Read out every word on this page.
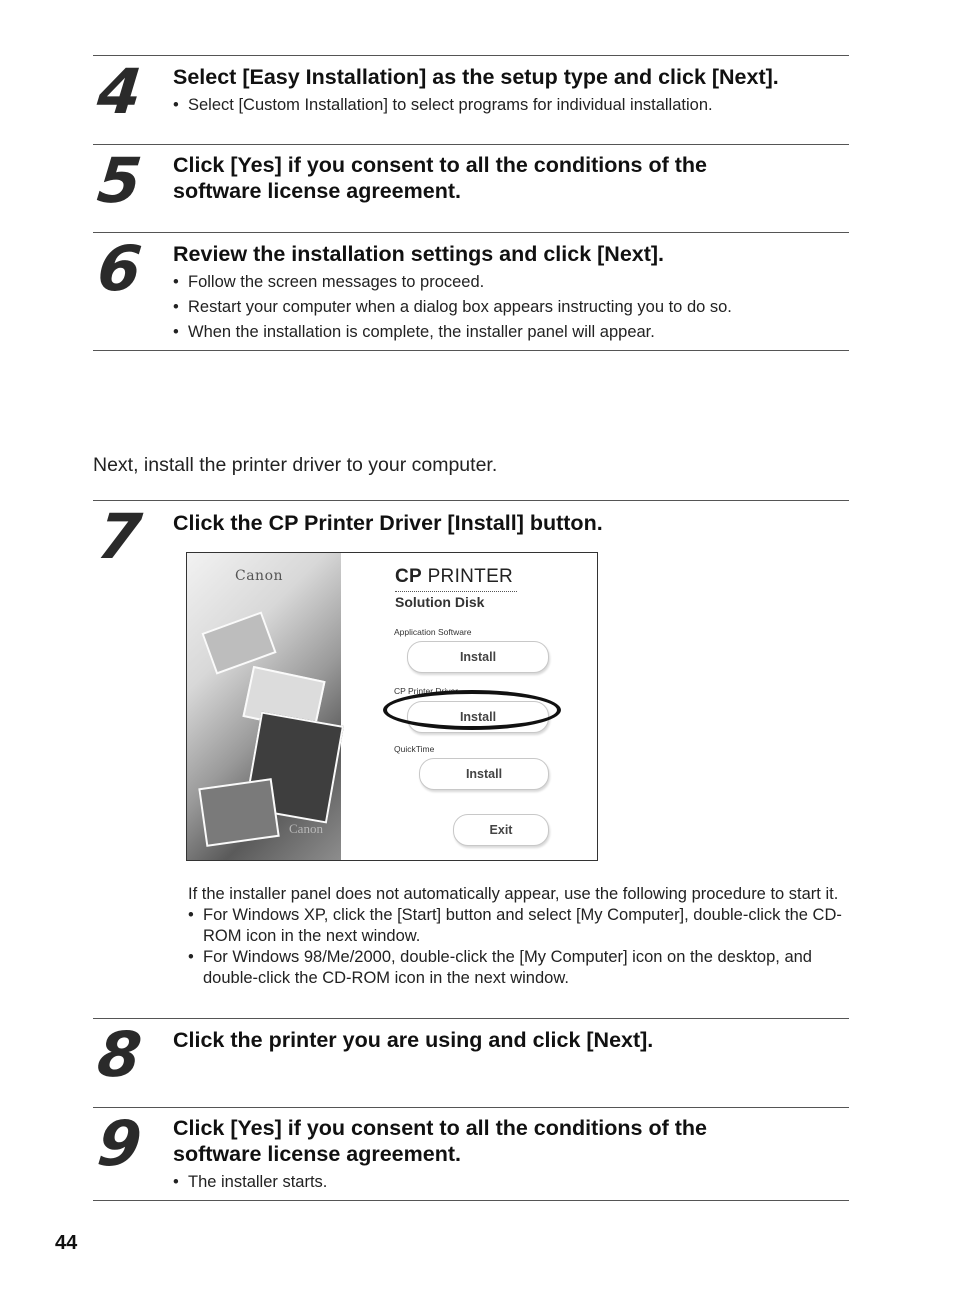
4 Select [Easy Installation] as the setup type and click [Next].
• Select [Custom Installation] to select programs for individual installation.
5 Click [Yes] if you consent to all the conditions of the
software license agreement.
6 Review the installation settings and click [Next].
• Follow the screen messages to proceed.
• Restart your computer when a dialog box appears instructing you to do so.
• When the installation is complete, the installer panel will appear.
Next, install the printer driver to your computer.
7 Click the CP Printer Driver [Install] button.
Canon
Canon
CP PRINTER
Solution Disk
Application Software
Install
CP Printer Driver
Install
QuickTime
Install
Exit

If the installer panel does not automatically appear, use the following procedure to start it.

• For Windows XP, click the [Start] button and select [My Computer], double-click the CD-ROM icon in the next window.
• For Windows 98/Me/2000, double-click the [My Computer] icon on the desktop, and double-click the CD-ROM icon in the next window.
8 Click the printer you are using and click [Next].
9 Click [Yes] if you consent to all the conditions of the
software license agreement.
• The installer starts.
44
